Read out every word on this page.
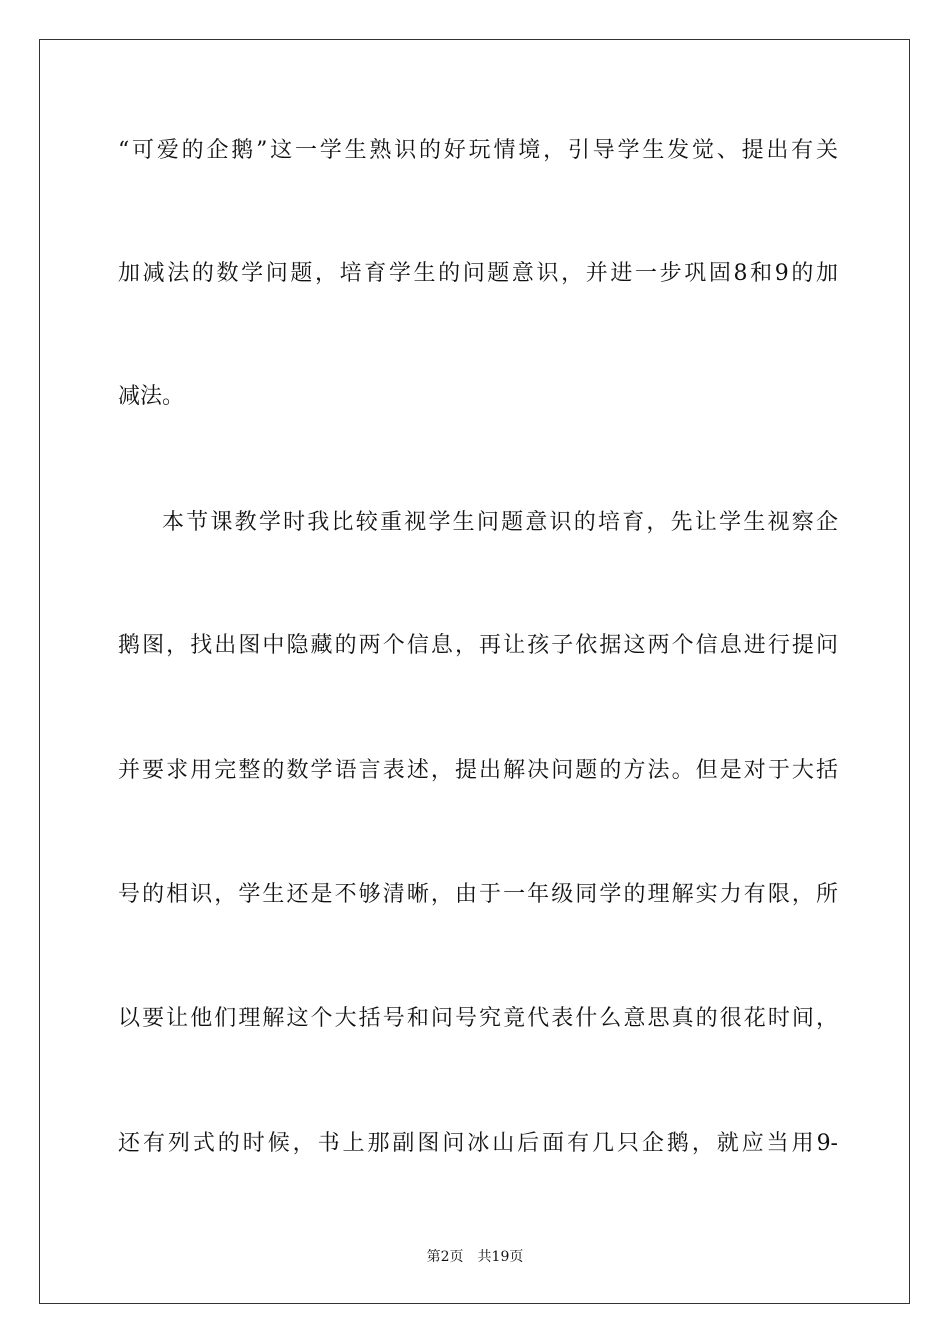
“可爱的企鹅”这一学生熟识的好玩情境，引导学生发觉、提出有关
加减法的数学问题，培育学生的问题意识，并进一步巩固8和9的加
减法。
本节课教学时我比较重视学生问题意识的培育，先让学生视察企
鹅图，找出图中隐藏的两个信息，再让孩子依据这两个信息进行提问
并要求用完整的数学语言表述，提出解决问题的方法。但是对于大括
号的相识，学生还是不够清晰，由于一年级同学的理解实力有限，所
以要让他们理解这个大括号和问号究竟代表什么意思真的很花时间，
还有列式的时候，书上那副图问冰山后面有几只企鹅，就应当用9-
第2页 共19页
